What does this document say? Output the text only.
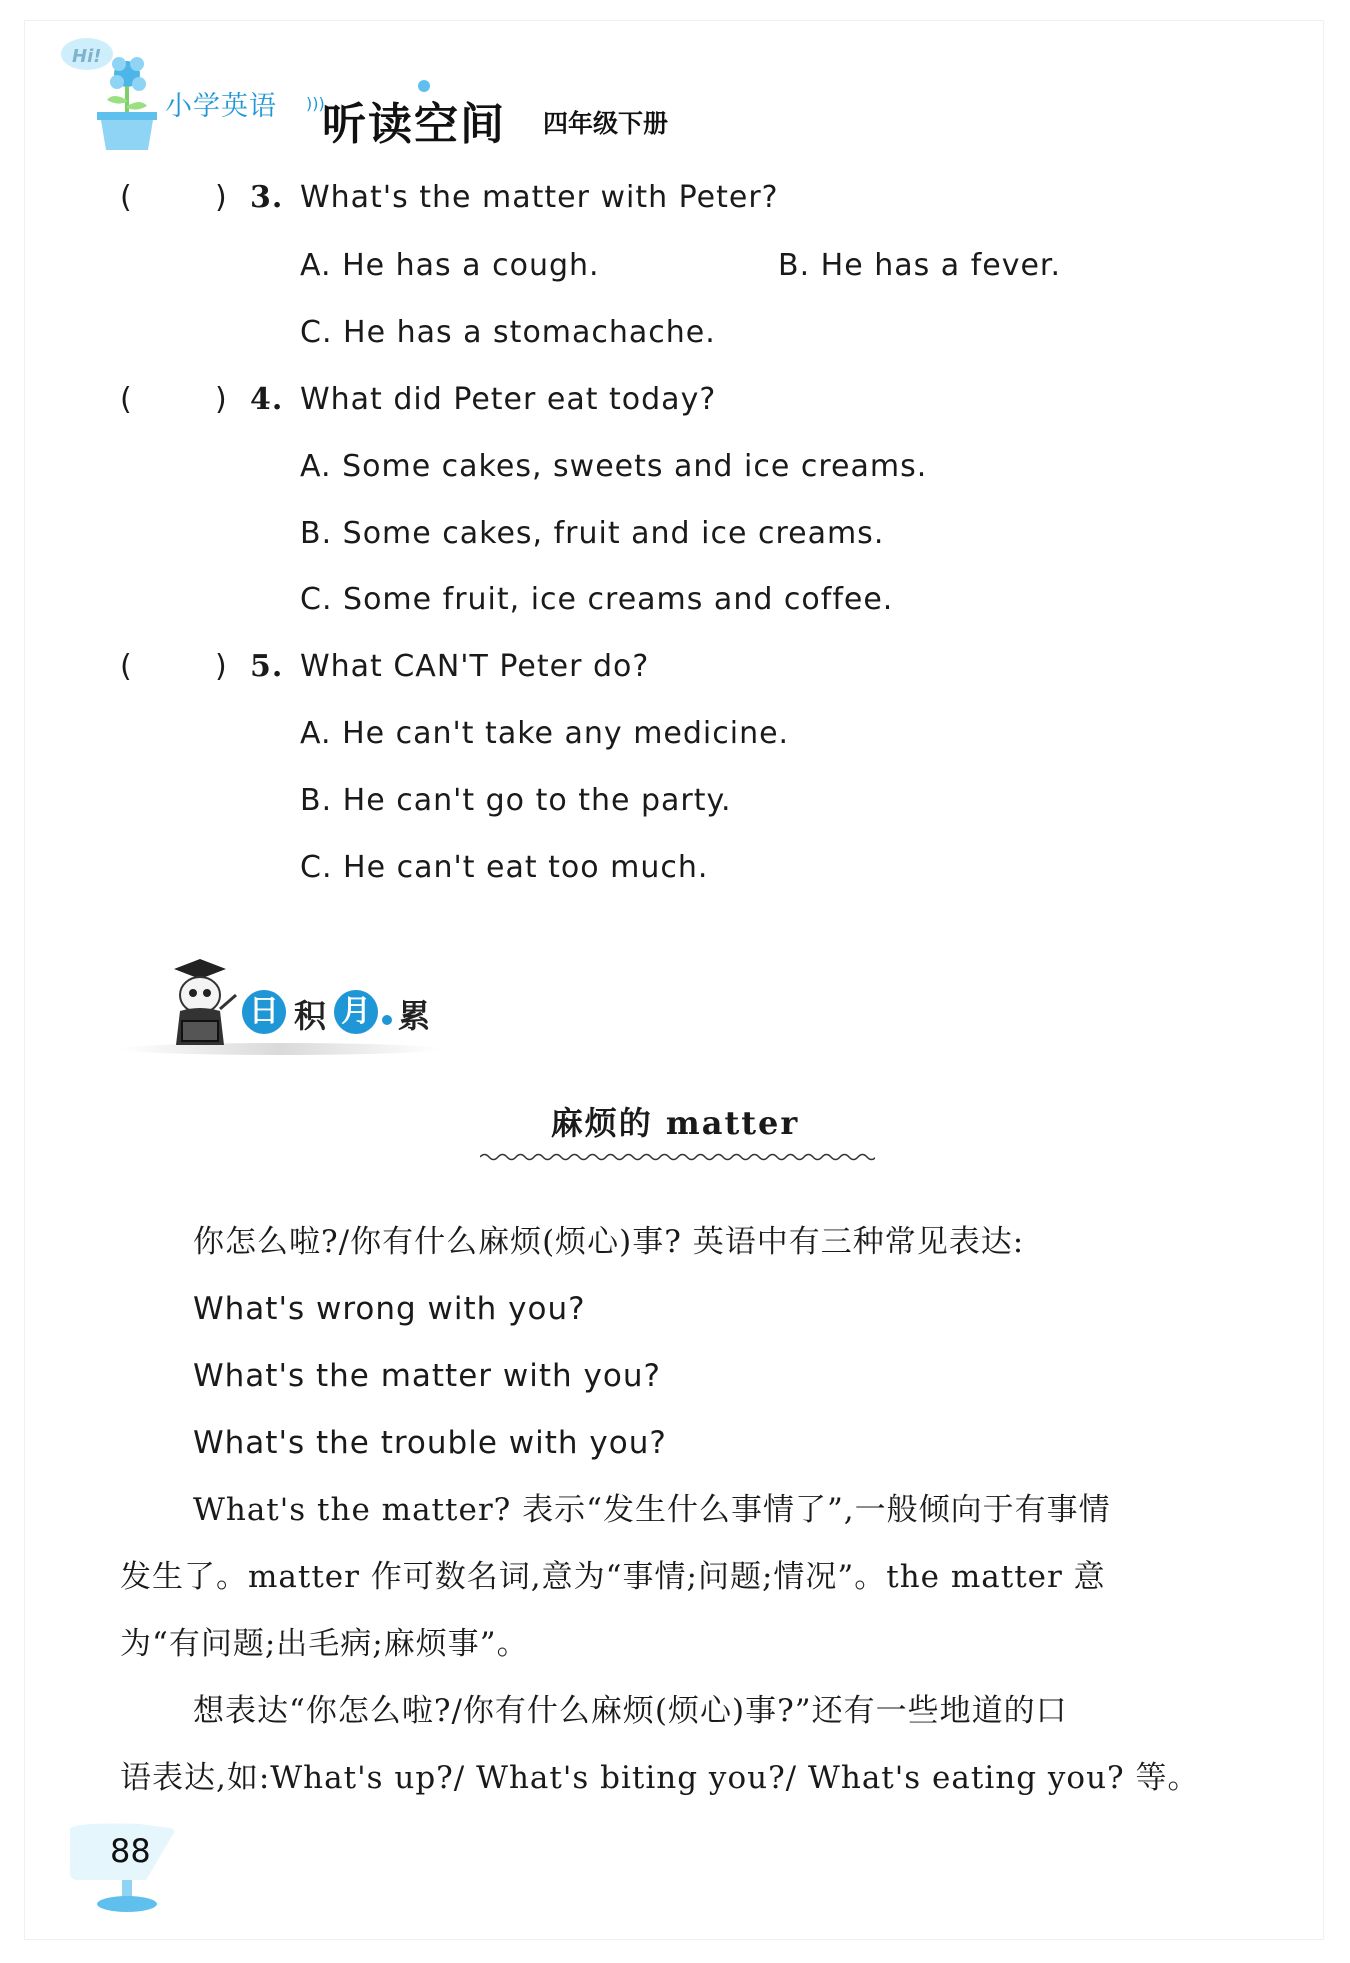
Hi!
小学英语 )))
听读空间 四年级下册
(	) 3. What's the matter with Peter?
A. He has a cough.	B. He has a fever.
C. He has a stomachache.
(	) 4. What did Peter eat today?
A. Some cakes, sweets and ice creams.
B. Some cakes, fruit and ice creams.
C. Some fruit, ice creams and coffee.
(	) 5. What CAN'T Peter do?
A. He can't take any medicine.
B. He can't go to the party.
C. He can't eat too much.
日 积 月 累
麻烦的 matter
你怎么啦?/你有什么麻烦(烦心)事? 英语中有三种常见表达:
What's wrong with you?
What's the matter with you?
What's the trouble with you?
What's the matter? 表示“发生什么事情了”,一般倾向于有事情
发生了。matter 作可数名词,意为“事情;问题;情况”。the matter 意
为“有问题;出毛病;麻烦事”。
想表达“你怎么啦?/你有什么麻烦(烦心)事?”还有一些地道的口
语表达,如:What's up?/ What's biting you?/ What's eating you? 等。
88
